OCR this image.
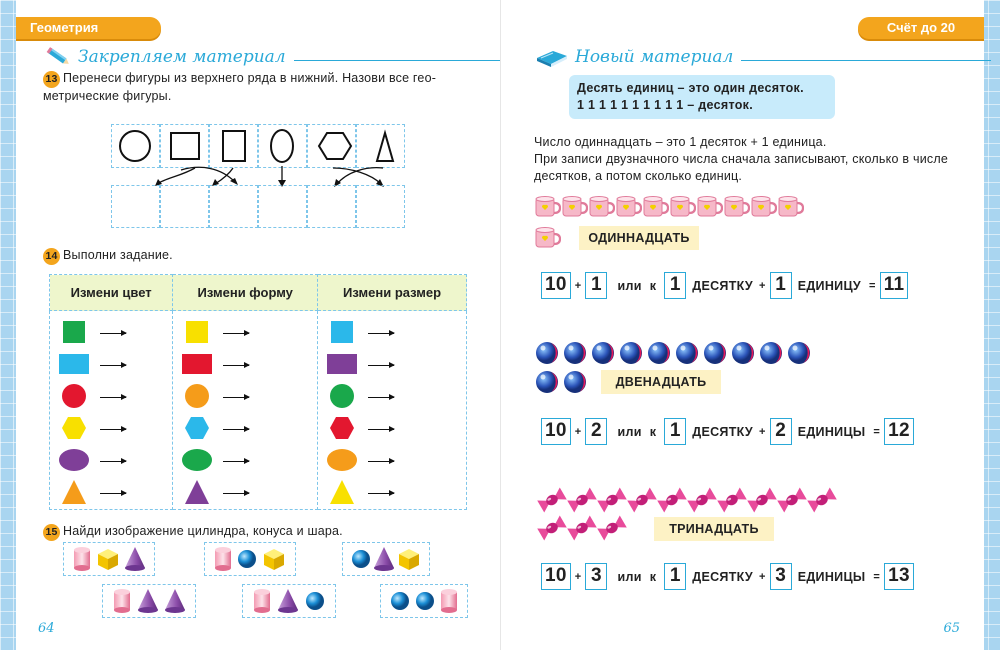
Геометрия
Закрепляем материал
13 Перенеси фигуры из верхнего ряда в нижний. Назови все гео-метрические фигуры.
14 Выполни задание.
Измени цвет	Измени форму	Измени размер

15 Найди изображение цилиндра, конуса и шара.
64
Счёт до 20
Новый материал
Десять единиц – это один десяток.
1 1 1 1 1 1 1 1 1 1 – десяток.
Число одиннадцать – это 1 десяток + 1 единица.
При записи двузначного числа сначала записывают, сколько в числе десятков, а потом сколько единиц.
ОДИННАДЦАТЬ
10 + 1	или к 1 ДЕСЯТКУ + 1 ЕДИНИЦУ = 11
ДВЕНАДЦАТЬ
10 + 2	или к 1 ДЕСЯТКУ + 2 ЕДИНИЦЫ = 12
ТРИНАДЦАТЬ
10 + 3	или к 1 ДЕСЯТКУ + 3 ЕДИНИЦЫ = 13
65
